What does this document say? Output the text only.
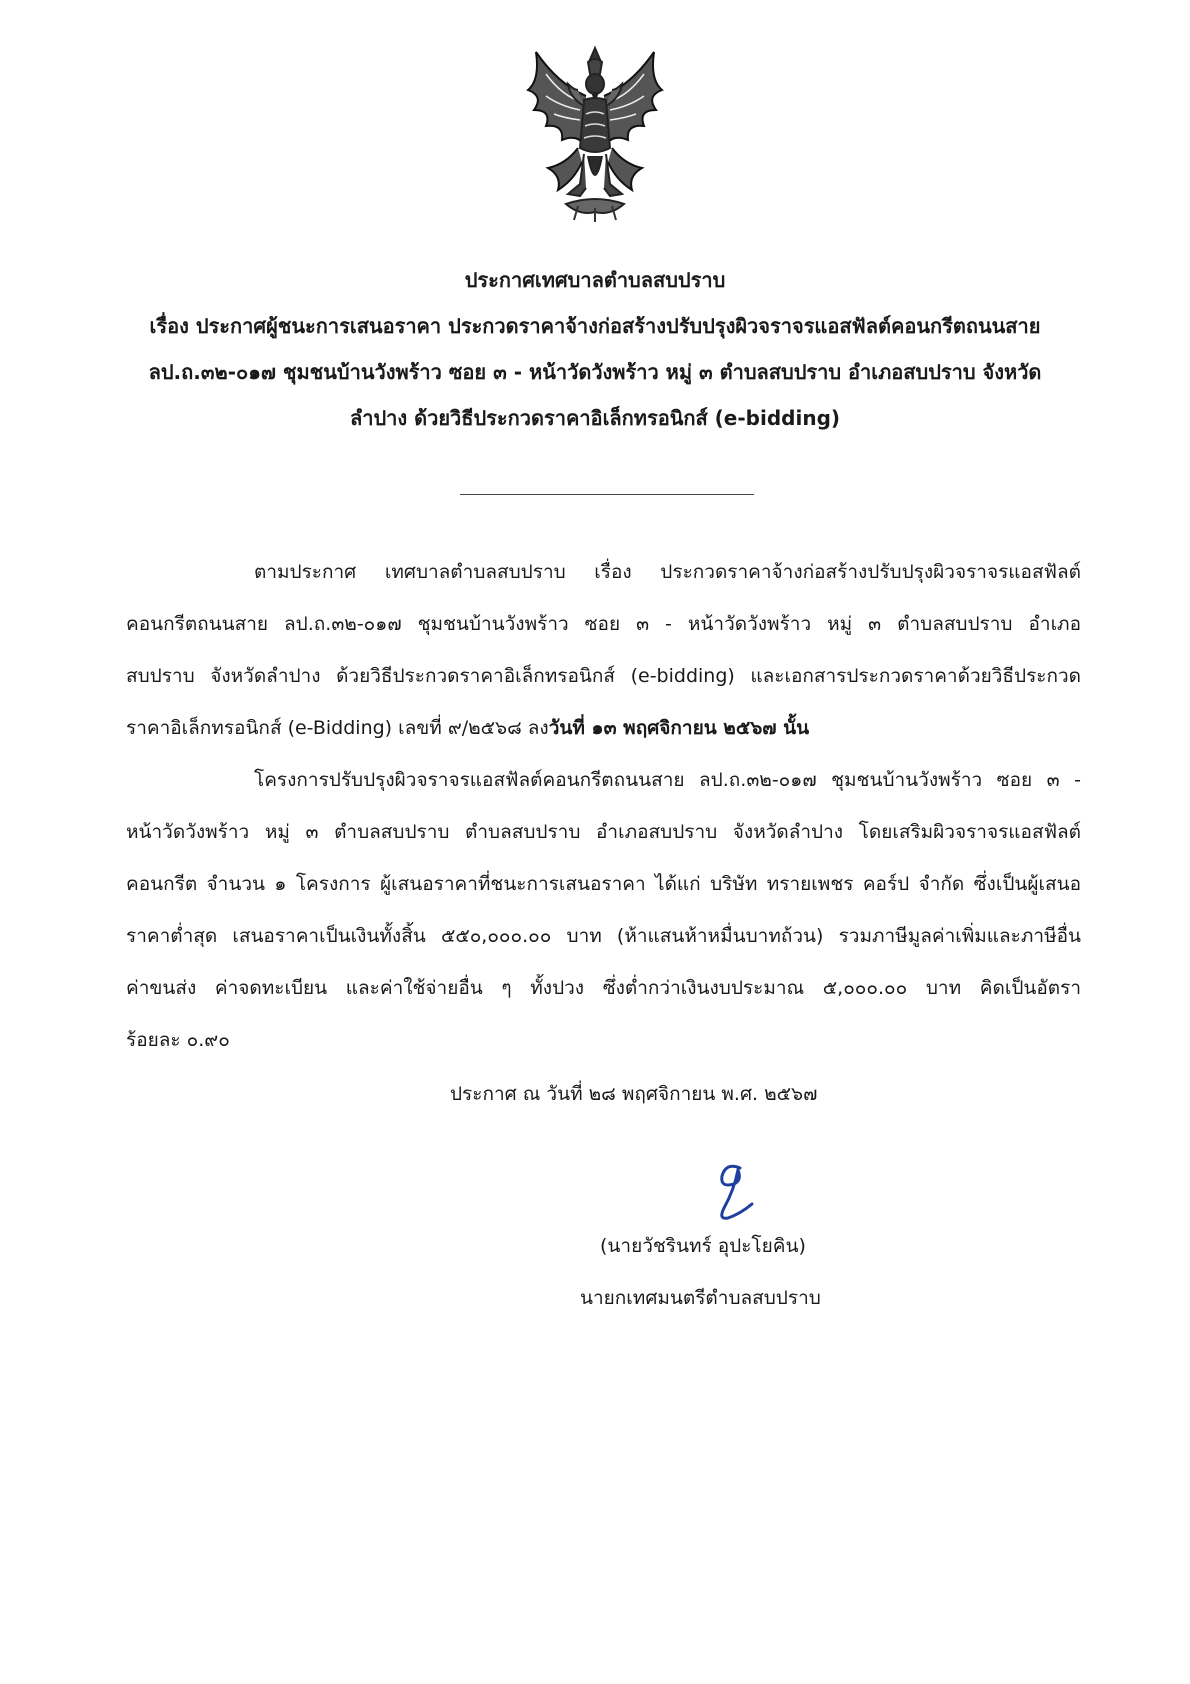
ประกาศเทศบาลตำบลสบปราบ
เรื่อง ประกาศผู้ชนะการเสนอราคา ประกวดราคาจ้างก่อสร้างปรับปรุงผิวจราจรแอสฟัลต์คอนกรีตถนนสาย
ลป.ถ.๓๒-๐๑๗ ชุมชนบ้านวังพร้าว ซอย ๓ - หน้าวัดวังพร้าว หมู่ ๓ ตำบลสบปราบ อำเภอสบปราบ จังหวัด
ลำปาง ด้วยวิธีประกวดราคาอิเล็กทรอนิกส์ (e-bidding)
ตามประกาศ เทศบาลตำบลสบปราบ เรื่อง ประกวดราคาจ้างก่อสร้างปรับปรุงผิวจราจรแอสฟัลต์
คอนกรีตถนนสาย ลป.ถ.๓๒-๐๑๗ ชุมชนบ้านวังพร้าว ซอย ๓ - หน้าวัดวังพร้าว หมู่ ๓ ตำบลสบปราบ อำเภอ
สบปราบ จังหวัดลำปาง ด้วยวิธีประกวดราคาอิเล็กทรอนิกส์ (e-bidding) และเอกสารประกวดราคาด้วยวิธีประกวด
ราคาอิเล็กทรอนิกส์ (e-Bidding) เลขที่ ๙/๒๕๖๘ ลงวันที่ ๑๓ พฤศจิกายน ๒๕๖๗ นั้น
โครงการปรับปรุงผิวจราจรแอสฟัลต์คอนกรีตถนนสาย ลป.ถ.๓๒-๐๑๗ ชุมชนบ้านวังพร้าว ซอย ๓ -
หน้าวัดวังพร้าว หมู่ ๓ ตำบลสบปราบ ตำบลสบปราบ อำเภอสบปราบ จังหวัดลำปาง โดยเสริมผิวจราจรแอสฟัลต์
คอนกรีต จำนวน ๑ โครงการ ผู้เสนอราคาที่ชนะการเสนอราคา ได้แก่ บริษัท ทรายเพชร คอร์ป จำกัด ซึ่งเป็นผู้เสนอ
ราคาต่ำสุด เสนอราคาเป็นเงินทั้งสิ้น ๕๕๐,๐๐๐.๐๐ บาท (ห้าแสนห้าหมื่นบาทถ้วน) รวมภาษีมูลค่าเพิ่มและภาษีอื่น
ค่าขนส่ง ค่าจดทะเบียน และค่าใช้จ่ายอื่น ๆ ทั้งปวง ซึ่งต่ำกว่าเงินงบประมาณ ๕,๐๐๐.๐๐ บาท คิดเป็นอัตรา
ร้อยละ ๐.๙๐
ประกาศ ณ วันที่ ๒๘ พฤศจิกายน พ.ศ. ๒๕๖๗
(นายวัชรินทร์ อุปะโยคิน)
นายกเทศมนตรีตำบลสบปราบ
